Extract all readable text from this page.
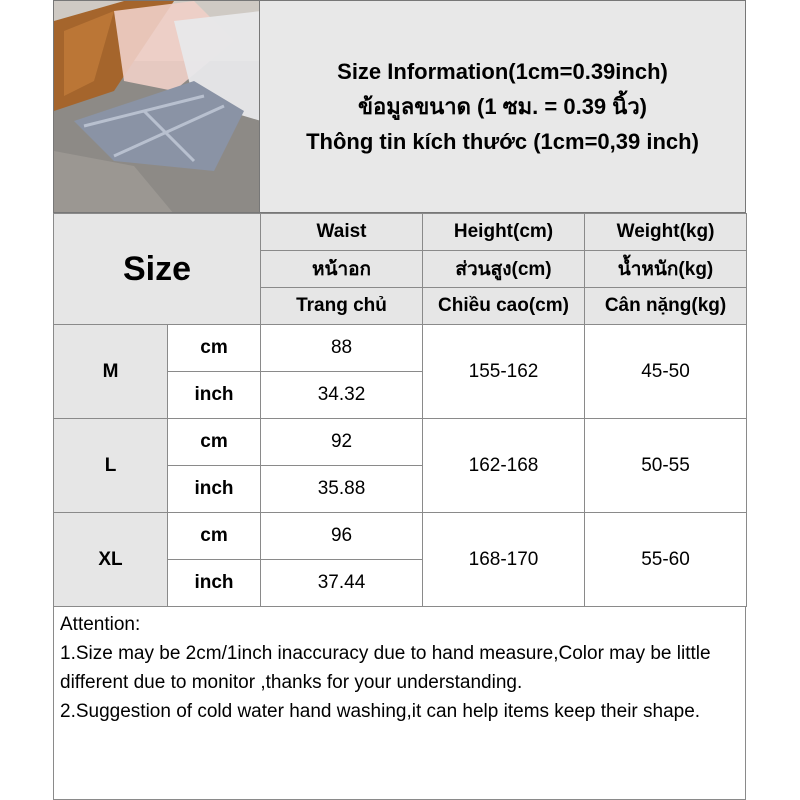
Size Information(1cm=0.39inch)
ข้อมูลขนาด (1 ซม. = 0.39 นิ้ว)
Thông tin kích thước (1cm=0,39 inch)
Size		Waist	Height(cm)	Weight(kg)
		หน้าอก	ส่วนสูง(cm)	น้ำหนัก(kg)
		Trang chủ	Chiều cao(cm)	Cân nặng(kg)
M	cm	88	155-162	45-50
	inch	34.32		
L	cm	92	162-168	50-55
	inch	35.88		
XL	cm	96	168-170	55-60
	inch	37.44		

Attention:

1.Size may be 2cm/1inch inaccuracy due to hand measure,Color may be little different due to monitor ,thanks for your understanding.

2.Suggestion of cold water hand washing,it can help items keep their shape.
